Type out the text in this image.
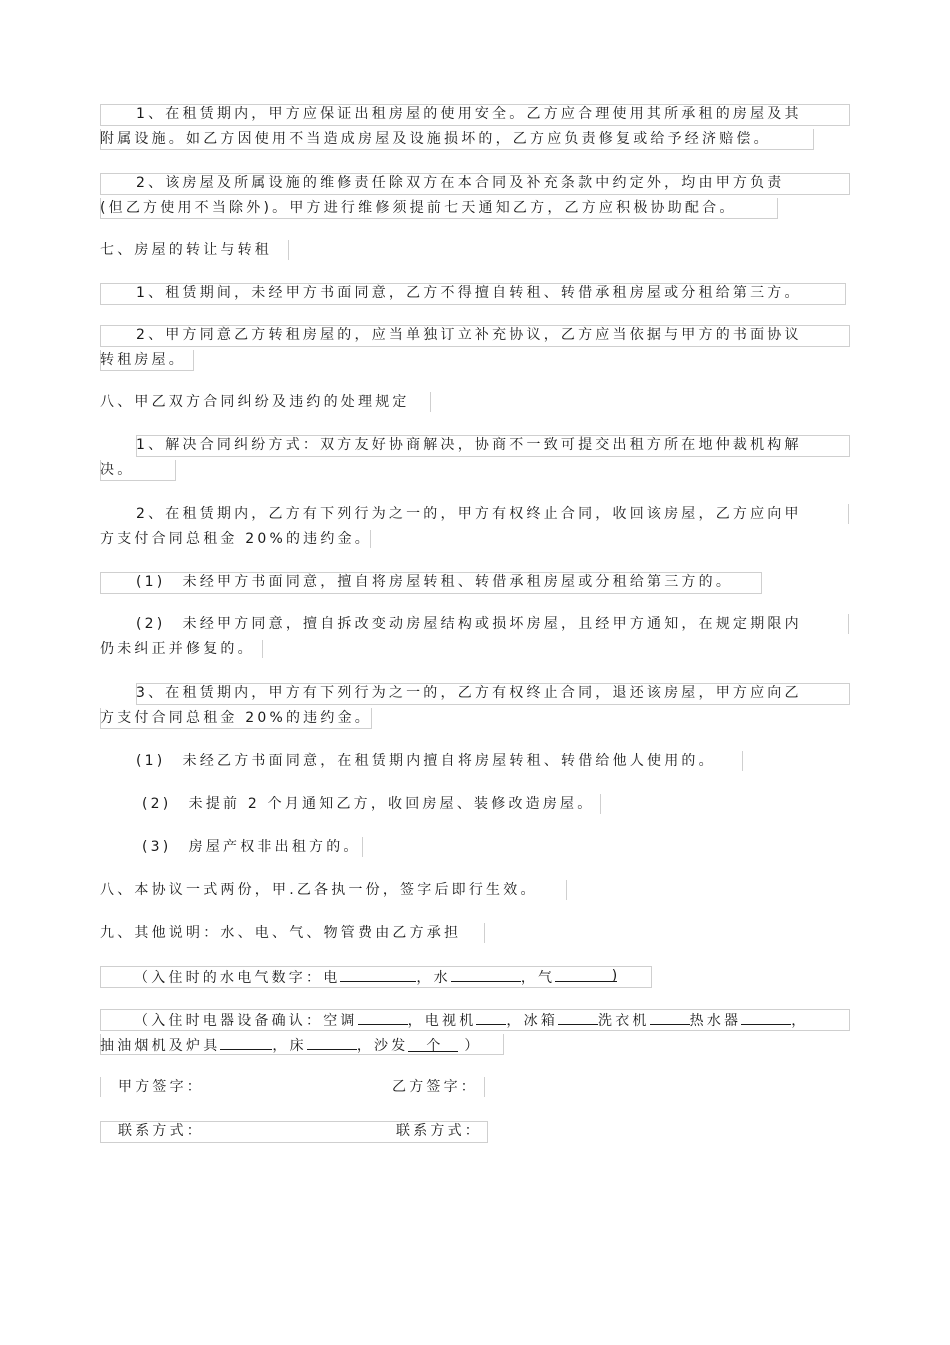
1、在租赁期内，甲方应保证出租房屋的使用安全。乙方应合理使用其所承租的房屋及其
附属设施。如乙方因使用不当造成房屋及设施损坏的，乙方应负责修复或给予经济赔偿。
2、该房屋及所属设施的维修责任除双方在本合同及补充条款中约定外，均由甲方负责
(但乙方使用不当除外)。甲方进行维修须提前七天通知乙方，乙方应积极协助配合。
七、房屋的转让与转租
1、租赁期间，未经甲方书面同意，乙方不得擅自转租、转借承租房屋或分租给第三方。
2、甲方同意乙方转租房屋的，应当单独订立补充协议，乙方应当依据与甲方的书面协议
转租房屋。
八、甲乙双方合同纠纷及违约的处理规定
1、解决合同纠纷方式：双方友好协商解决，协商不一致可提交出租方所在地仲裁机构解
决。
2、在租赁期内，乙方有下列行为之一的，甲方有权终止合同，收回该房屋，乙方应向甲
方支付合同总租金 20%的违约金。
(1)　未经甲方书面同意，擅自将房屋转租、转借承租房屋或分租给第三方的。
(2)　未经甲方同意，擅自拆改变动房屋结构或损坏房屋，且经甲方通知，在规定期限内
仍未纠正并修复的。
3、在租赁期内，甲方有下列行为之一的，乙方有权终止合同，退还该房屋，甲方应向乙
方支付合同总租金 20%的违约金。
(1)　未经乙方书面同意，在租赁期内擅自将房屋转租、转借给他人使用的。
(2)　未提前 2 个月通知乙方，收回房屋、装修改造房屋。
(3)　房屋产权非出租方的。
八、本协议一式两份，甲.乙各执一份，签字后即行生效。
九、其他说明：水、电、气、物管费由乙方承担
（入住时的水电气数字：电	，水	，气	)
（入住时电器设备确认：空调	，电视机 ，冰箱	洗衣机	热水器	，
抽油烟机及炉具	，床	，沙发 个 ）
甲方签字：	乙方签字：
联系方式：	联系方式：
